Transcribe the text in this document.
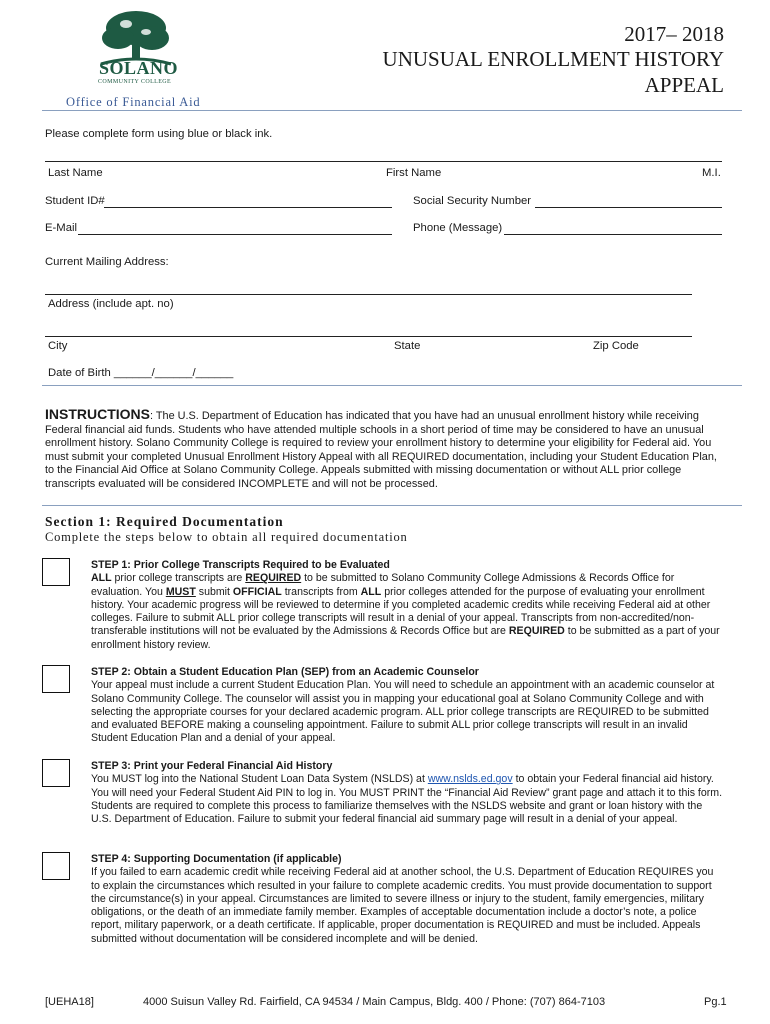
SOLANO
COMMUNITY COLLEGE
Office of Financial Aid
2017– 2018
UNUSUAL ENROLLMENT HISTORY
APPEAL
Please complete form using blue or black ink.
Last Name	First Name	M.I.
Student ID#	Social Security Number
E-Mail	Phone (Message)
Current Mailing Address:
Address (include apt. no)
City	State	Zip Code
Date of Birth ______/______/______
INSTRUCTIONS: The U.S. Department of Education has indicated that you have had an unusual enrollment history while receiving Federal financial aid funds. Students who have attended multiple schools in a short period of time may be considered to have an unusual enrollment history. Solano Community College is required to review your enrollment history to determine your eligibility for Federal aid. You must submit your completed Unusual Enrollment History Appeal with all REQUIRED documentation, including your Student Education Plan, to the Financial Aid Office at Solano Community College. Appeals submitted with missing documentation or without ALL prior college transcripts evaluated will be considered INCOMPLETE and will not be processed.
Section 1: Required Documentation
Complete the steps below to obtain all required documentation

STEP 1: Prior College Transcripts Required to be Evaluated

ALL prior college transcripts are REQUIRED to be submitted to Solano Community College Admissions & Records Office for evaluation. You MUST submit OFFICIAL transcripts from ALL prior colleges attended for the purpose of evaluating your enrollment history. Your academic progress will be reviewed to determine if you completed academic credits while receiving Federal aid at other colleges. Failure to submit ALL prior college transcripts will result in a denial of your appeal. Transcripts from non-accredited/non- transferable institutions will not be evaluated by the Admissions & Records Office but are REQUIRED to be submitted as a part of your enrollment history review.

STEP 2: Obtain a Student Education Plan (SEP) from an Academic Counselor

Your appeal must include a current Student Education Plan. You will need to schedule an appointment with an academic counselor at Solano Community College. The counselor will assist you in mapping your educational goal at Solano Community College and with selecting the appropriate courses for your declared academic program. ALL prior college transcripts are REQUIRED to be submitted and evaluated BEFORE making a counseling appointment. Failure to submit ALL prior college transcripts will result in an invalid Student Education Plan and a denial of your appeal.

STEP 3: Print your Federal Financial Aid History

You MUST log into the National Student Loan Data System (NSLDS) at www.nslds.ed.gov to obtain your Federal financial aid history. You will need your Federal Student Aid PIN to log in. You MUST PRINT the “Financial Aid Review” grant page and attach it to this form. Students are required to complete this process to familiarize themselves with the NSLDS website and grant or loan history with the U.S. Department of Education. Failure to submit your federal financial aid summary page will result in a denial of your appeal.

STEP 4: Supporting Documentation (if applicable)

If you failed to earn academic credit while receiving Federal aid at another school, the U.S. Department of Education REQUIRES you to explain the circumstances which resulted in your failure to complete academic credits. You must provide documentation to support the circumstance(s) in your appeal. Circumstances are limited to severe illness or injury to the student, family emergencies, military obligations, or the death of an immediate family member. Examples of acceptable documentation include a doctor’s note, a police report, military paperwork, or a death certificate. If applicable, proper documentation is REQUIRED and must be included. Appeals submitted without documentation will be considered incomplete and will be denied.

[UEHA18]	4000 Suisun Valley Rd. Fairfield, CA 94534 / Main Campus, Bldg. 400 / Phone: (707) 864-7103	Pg.1
